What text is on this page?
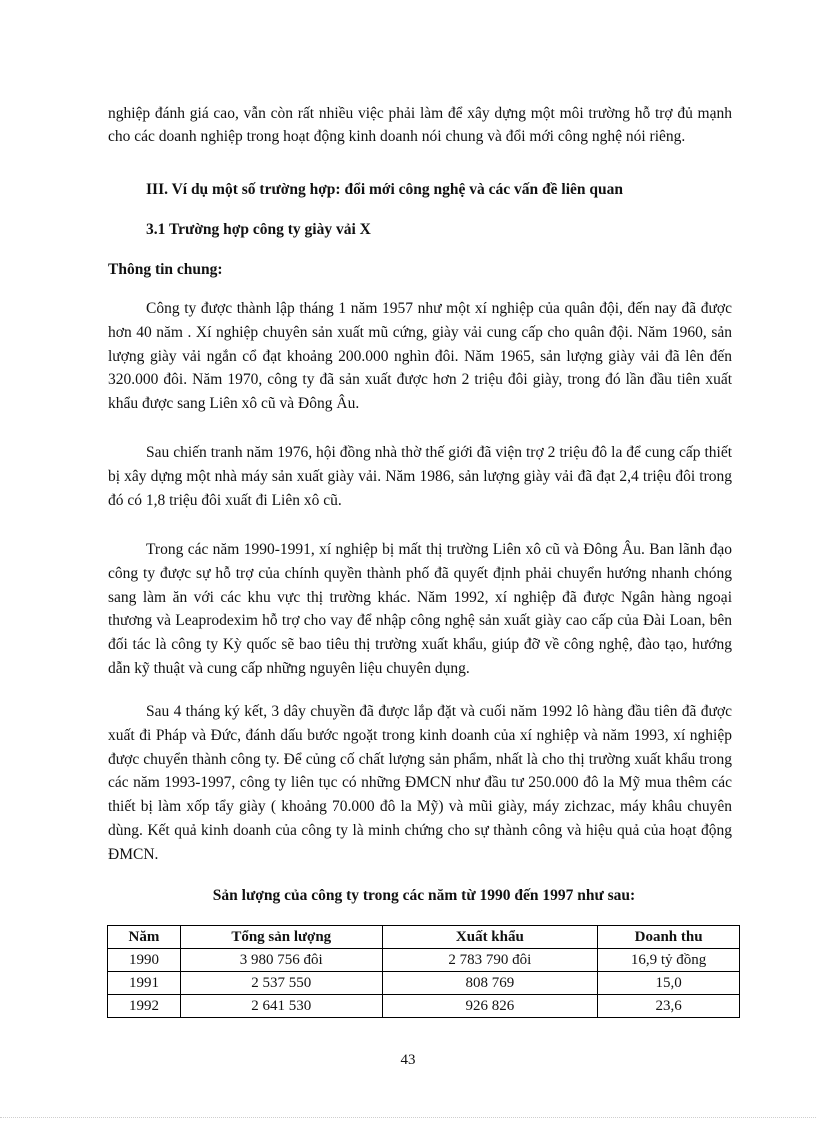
nghiệp đánh giá cao, vẫn còn rất nhiều việc phải làm để xây dựng một môi trường hỗ trợ đủ mạnh cho các doanh nghiệp trong hoạt động kinh doanh nói chung và đổi mới công nghệ nói riêng.

III. Ví dụ một số trường hợp: đổi mới công nghệ và các vấn đề liên quan

3.1 Trường hợp công ty giày vải X

Thông tin chung:

Công ty được thành lập tháng 1 năm 1957 như một xí nghiệp của quân đội, đến nay đã được hơn 40 năm . Xí nghiệp chuyên sản xuất mũ cứng, giày vải cung cấp cho quân đội. Năm 1960, sản lượng giày vải ngắn cổ đạt khoảng 200.000 nghìn đôi. Năm 1965, sản lượng giày vải đã lên đến 320.000 đôi. Năm 1970, công ty đã sản xuất được hơn 2 triệu đôi giày, trong đó lần đầu tiên xuất khẩu được sang Liên xô cũ và Đông Âu.

Sau chiến tranh năm 1976, hội đồng nhà thờ thế giới đã viện trợ 2 triệu đô la để cung cấp thiết bị xây dựng một nhà máy sản xuất giày vải. Năm 1986, sản lượng giày vải đã đạt 2,4 triệu đôi trong đó có 1,8 triệu đôi xuất đi Liên xô cũ.

Trong các năm 1990-1991, xí nghiệp bị mất thị trường Liên xô cũ và Đông Âu. Ban lãnh đạo công ty được sự hỗ trợ của chính quyền thành phố đã quyết định phải chuyển hướng nhanh chóng sang làm ăn với các khu vực thị trường khác. Năm 1992, xí nghiệp đã được Ngân hàng ngoại thương và Leaprodexim hỗ trợ cho vay để nhập công nghệ sản xuất giày cao cấp của Đài Loan, bên đối tác là công ty Kỳ quốc sẽ bao tiêu thị trường xuất khẩu, giúp đỡ về công nghệ, đào tạo, hướng dẫn kỹ thuật và cung cấp những nguyên liệu chuyên dụng.

Sau 4 tháng ký kết, 3 dây chuyền đã được lắp đặt và cuối năm 1992 lô hàng đầu tiên đã được xuất đi Pháp và Đức, đánh dấu bước ngoặt trong kinh doanh của xí nghiệp và năm 1993, xí nghiệp được chuyển thành công ty. Để củng cố chất lượng sản phẩm, nhất là cho thị trường xuất khẩu trong các năm 1993-1997, công ty liên tục có những ĐMCN như đầu tư 250.000 đô la Mỹ mua thêm các thiết bị làm xốp tẩy giày ( khoảng 70.000 đô la Mỹ) và mũi giày, máy zichzac, máy khâu chuyên dùng. Kết quả kinh doanh của công ty là minh chứng cho sự thành công và hiệu quả của hoạt động ĐMCN.

Sản lượng của công ty trong các năm từ 1990 đến 1997 như sau:

Năm	Tổng sản lượng	Xuất khẩu	Doanh thu
1990	3 980 756 đôi	2 783 790 đôi	16,9 tỷ đồng
1991	2 537 550	808 769	15,0
1992	2 641 530	926 826	23,6
43
